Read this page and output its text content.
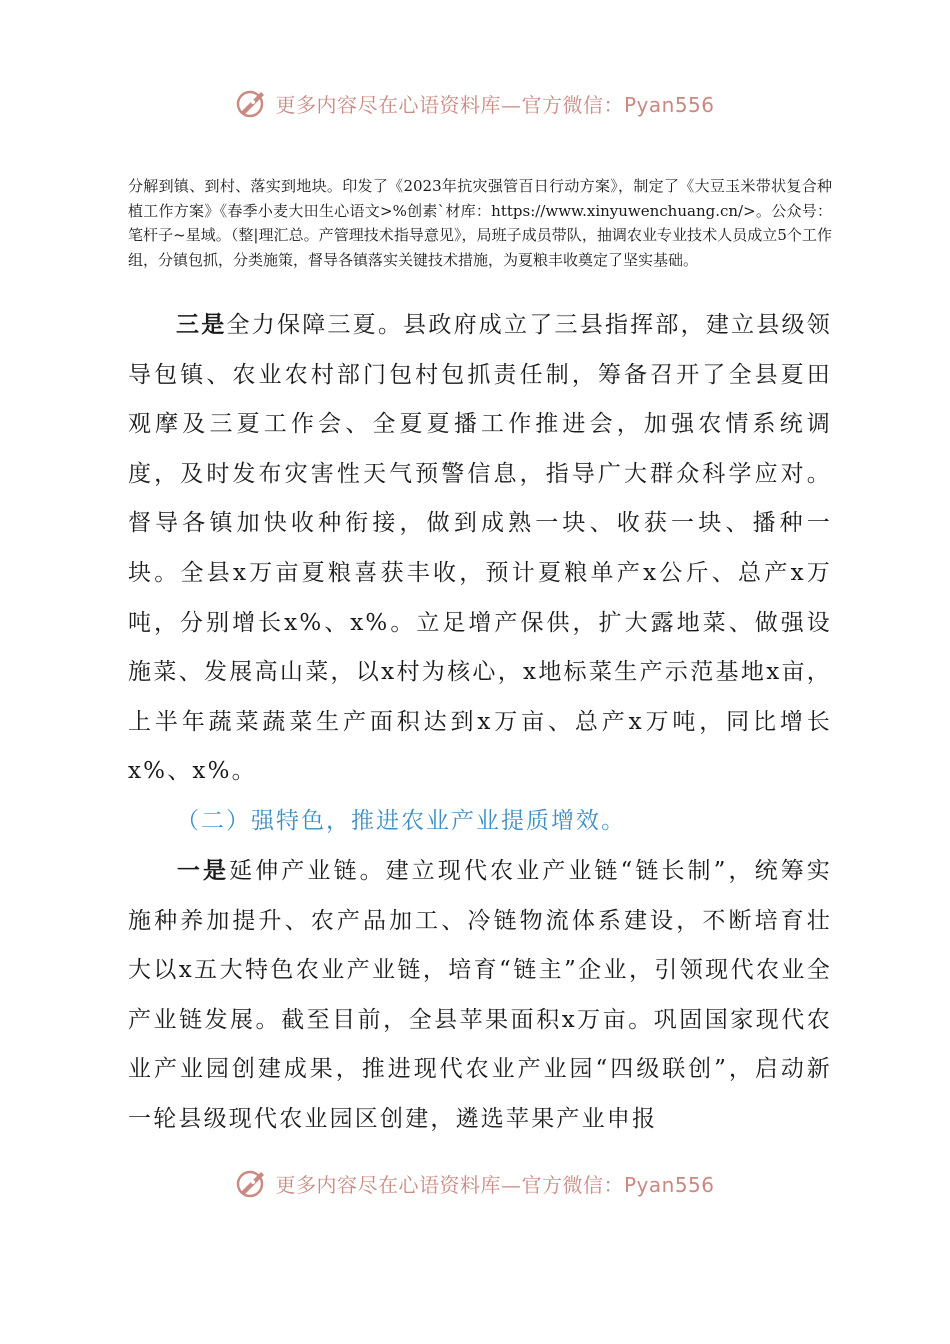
更多内容尽在心语资料库—官方微信：Pyan556

分解到镇、到村、落实到地块。印发了《2023年抗灾强管百日行动方案》，制定了《大豆玉米带状复合种植工作方案》《春季小麦大田生心语文>%创素`材库：https://www.xinyuwenchuang.cn/>。公众号：笔杆子~星域。（整|理汇总。产管理技术指导意见》，局班子成员带队，抽调农业专业技术人员成立5个工作组，分镇包抓，分类施策，督导各镇落实关键技术措施，为夏粮丰收奠定了坚实基础。

三是全力保障三夏。县政府成立了三县指挥部，建立县级领导包镇、农业农村部门包村包抓责任制，筹备召开了全县夏田观摩及三夏工作会、全夏夏播工作推进会，加强农情系统调度，及时发布灾害性天气预警信息，指导广大群众科学应对。督导各镇加快收种衔接，做到成熟一块、收获一块、播种一块。全县x万亩夏粮喜获丰收，预计夏粮单产x公斤、总产x万吨，分别增长x%、x%。立足增产保供，扩大露地菜、做强设施菜、发展高山菜，以x村为核心，x地标菜生产示范基地x亩，上半年蔬菜蔬菜生产面积达到x万亩、总产x万吨，同比增长x%、x%。

（二）强特色，推进农业产业提质增效。

一是延伸产业链。建立现代农业产业链“链长制”，统筹实施种养加提升、农产品加工、冷链物流体系建设，不断培育壮大以x五大特色农业产业链，培育“链主”企业，引领现代农业全产业链发展。截至目前，全县苹果面积x万亩。巩固国家现代农业产业园创建成果，推进现代农业产业园“四级联创”，启动新一轮县级现代农业园区创建，遴选苹果产业申报

更多内容尽在心语资料库—官方微信：Pyan556
